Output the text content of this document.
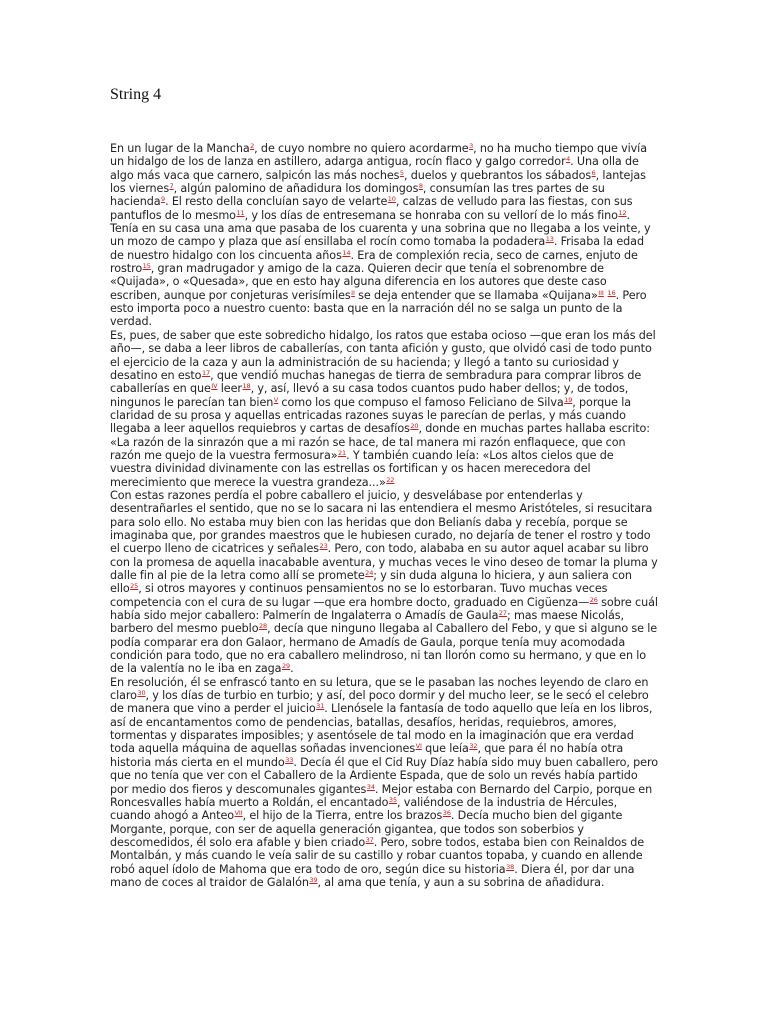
String 4

En un lugar de la Mancha$^2$, de cuyo nombre no quiero acordarme$^3$, no ha mucho tiempo que vivía un hidalgo de los de lanza en astillero, adarga antigua, rocín flaco y galgo corredor$^4$. Una olla de algo más vaca que carnero, salpicón las más noches$^5$, duelos y quebrantos los sábados$^6$, lantejas los viernes$^7$, algún palomino de añadidura los domingos$^8$, consumían las tres partes de su hacienda$^9$. El resto della concluían sayo de velarte$^{10}$, calzas de velludo para las fiestas, con sus pantuflos de lo mesmo$^{11}$, y los días de entresemana se honraba con su vellorí de lo más fino$^{12}$. Tenía en su casa una ama que pasaba de los cuarenta y una sobrina que no llegaba a los veinte, y un mozo de campo y plaza que así ensillaba el rocín como tomaba la podadera$^{13}$. Frisaba la edad de nuestro hidalgo con los cincuenta años$^{14}$. Era de complexión recia, seco de carnes, enjuto de rostro$^{15}$, gran madrugador y amigo de la caza. Quieren decir que tenía el sobrenombre de «Quijada», o «Quesada», que en esto hay alguna diferencia en los autores que deste caso escriben, aunque por conjeturas verisímiles$^{II}$ se deja entender que se llamaba «Quijana»$^{III}$ $^{16}$. Pero esto importa poco a nuestro cuento: basta que en la narración dél no se salga un punto de la verdad.

Es, pues, de saber que este sobredicho hidalgo, los ratos que estaba ocioso —que eran los más del año—, se daba a leer libros de caballerías, con tanta afición y gusto, que olvidó casi de todo punto el ejercicio de la caza y aun la administración de su hacienda; y llegó a tanto su curiosidad y desatino en esto$^{17}$, que vendió muchas hanegas de tierra de sembradura para comprar libros de caballerías en que$^{IV}$ leer$^{18}$, y, así, llevó a su casa todos cuantos pudo haber dellos; y, de todos, ningunos le parecían tan bien$^V$ como los que compuso el famoso Feliciano de Silva$^{19}$, porque la claridad de su prosa y aquellas entricadas razones suyas le parecían de perlas, y más cuando llegaba a leer aquellos requiebros y cartas de desafíos$^{20}$, donde en muchas partes hallaba escrito: «La razón de la sinrazón que a mi razón se hace, de tal manera mi razón enflaquece, que con razón me quejo de la vuestra fermosura»$^{21}$. Y también cuando leía: «Los altos cielos que de vuestra divinidad divinamente con las estrellas os fortifican y os hacen merecedora del merecimiento que merece la vuestra grandeza...»$^{22}$

Con estas razones perdía el pobre caballero el juicio, y desvelábase por entenderlas y desentrañarles el sentido, que no se lo sacara ni las entendiera el mesmo Aristóteles, si resucitara para solo ello. No estaba muy bien con las heridas que don Belianís daba y recebía, porque se imaginaba que, por grandes maestros que le hubiesen curado, no dejaría de tener el rostro y todo el cuerpo lleno de cicatrices y señales$^{23}$. Pero, con todo, alababa en su autor aquel acabar su libro con la promesa de aquella inacabable aventura, y muchas veces le vino deseo de tomar la pluma y dalle fin al pie de la letra como allí se promete$^{24}$; y sin duda alguna lo hiciera, y aun saliera con ello$^{25}$, si otros mayores y continuos pensamientos no se lo estorbaran. Tuvo muchas veces competencia con el cura de su lugar —que era hombre docto, graduado en Cigüenza—$^{26}$ sobre cuál había sido mejor caballero: Palmerín de Ingalaterra o Amadís de Gaula$^{27}$; mas maese Nicolás, barbero del mesmo pueblo$^{28}$, decía que ninguno llegaba al Caballero del Febo, y que si alguno se le podía comparar era don Galaor, hermano de Amadís de Gaula, porque tenía muy acomodada condición para todo, que no era caballero melindroso, ni tan llorón como su hermano, y que en lo de la valentía no le iba en zaga$^{29}$.

En resolución, él se enfrascó tanto en su letura, que se le pasaban las noches leyendo de claro en claro$^{30}$, y los días de turbio en turbio; y así, del poco dormir y del mucho leer, se le secó el celebro de manera que vino a perder el juicio$^{31}$. Llenósele la fantasía de todo aquello que leía en los libros, así de encantamentos como de pendencias, batallas, desafíos, heridas, requiebros, amores, tormentas y disparates imposibles; y asentósele de tal modo en la imaginación que era verdad toda aquella máquina de aquellas soñadas invenciones$^{VI}$ que leía$^{32}$, que para él no había otra historia más cierta en el mundo$^{33}$. Decía él que el Cid Ruy Díaz había sido muy buen caballero, pero que no tenía que ver con el Caballero de la Ardiente Espada, que de solo un revés había partido por medio dos fieros y descomunales gigantes$^{34}$. Mejor estaba con Bernardo del Carpio, porque en Roncesvalles había muerto a Roldán, el encantado$^{35}$, valiéndose de la industria de Hércules, cuando ahogó a Anteo$^{VII}$, el hijo de la Tierra, entre los brazos$^{36}$. Decía mucho bien del gigante Morgante, porque, con ser de aquella generación gigantea, que todos son soberbios y descomedidos, él solo era afable y bien criado$^{37}$. Pero, sobre todos, estaba bien con Reinaldos de Montalbán, y más cuando le veía salir de su castillo y robar cuantos topaba, y cuando en allende robó aquel ídolo de Mahoma que era todo de oro, según dice su historia$^{38}$. Diera él, por dar una mano de coces al traidor de Galalón$^{39}$, al ama que tenía, y aun a su sobrina de añadidura.
